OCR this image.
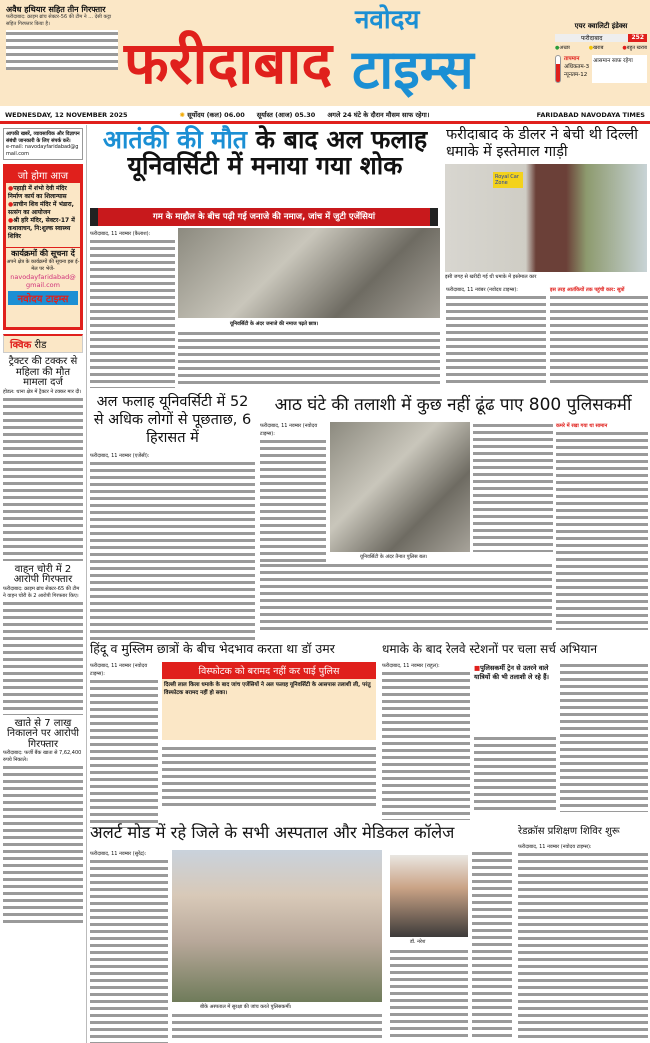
अवैध हथियार सहित तीन गिरफ्तार
फरीदाबाद: क्राइम ब्रांच सेक्टर-56 की टीम ने ... देसी कट्टा सहित गिरफ्तार किया है।	नवोदय
फरीदाबाद टाइम्स
एयर क्वालिटी इंडेक्स
फरीदाबाद	252
●अच्छा	●खराब	●बहुत खराब
तापमान
अधिकतम-3
न्यूनतम-12
आसमान साफ़ रहेगा
WEDNESDAY, 12 NOVEMBER 2025	✺ सूर्योदय (कल) 06.00 सूर्यास्त (आज) 05.30 अगले 24 घंटे के दौरान मौसम साफ रहेगा।	FARIDABAD NAVODAYA TIMES
आपकी खबरें, व्यावसायिक और विज्ञापन संबंधी जानकारी के लिए संपर्क करें।
e-mail: navodayfaridabad@gmail.com
जो होगा आज
●पहाड़ी में शंभो देवी मंदिर निर्माण कार्य का शिलान्यास
●प्राचीन शिव मंदिर में भंडारा, सत्संग का आयोजन
●श्री हरि मंदिर, सेक्टर-17 में कथावाचन, नि:शुल्क स्वास्थ्य शिविर
कार्यक्रमों की सूचना दें
अपने क्षेत्र के कार्यक्रमों की सूचना इस ई-मेल पर भेजें-
navodayfaridabad@
gmail.com
नवोदय टाइम्स
क्विक रीड
ट्रैक्टर की टक्कर से महिला की मौत मामला दर्ज
होडल: थाना क्षेत्र में ट्रैक्टर ने टक्कर मार दी।
वाहन चोरी में 2 आरोपी गिरफ्तार
फरीदाबाद: क्राइम ब्रांच सेक्टर-65 की टीम ने वाहन चोरी के 2 आरोपी गिरफ्तार किए।
खाते से 7 लाख निकालने पर आरोपी गिरफ्तार
फरीदाबाद: फर्जी बैंक खाता से 7,62,400 रुपये निकाले।
आतंकी की मौत के बाद अल फलाह
यूनिवर्सिटी में मनाया गया शोक
गम के माहौल के बीच पढ़ी गई जनाजे की नमाज, जांच में जुटी एजेंसियां
फरीदाबाद, 11 नवम्बर (कैलाश):
यूनिवर्सिटी के अंदर जनाजे की नमाज पढ़ते छात्र।
फरीदाबाद के डीलर ने बेची थी दिल्ली धमाके में इस्तेमाल गाड़ी
Royal Car Zone
इसी जगह से खरीदी गई थी धमाके में इस्तेमाल कार
फरीदाबाद, 11 नवंबर (नवोदय टाइम्स):	इस तरह आतंकियों तक पहुंची कार: सूत्रों
अल फलाह यूनिवर्सिटी में 52 से अधिक लोगों से पूछताछ, 6 हिरासत में
फरीदाबाद, 11 नवम्बर (एजेंसी):
आठ घंटे की तलाशी में कुछ नहीं ढूंढ पाए 800 पुलिसकर्मी
फरीदाबाद, 11 नवम्बर (नवोदय टाइम्स):
यूनिवर्सिटी के अंदर तैनात पुलिस बल।
कमरे में रखा गया था सामान
हिंदू व मुस्लिम छात्रों के बीच भेदभाव करता था डॉ उमर
फरीदाबाद, 11 नवम्बर (नवोदय टाइम्स):	विस्फोटक को बरामद नहीं कर पाई पुलिस
दिल्ली लाल किला धमाके के बाद जांच एजेंसियों ने अल फलाह यूनिवर्सिटी के आसपास तलाशी ली, परंतु विस्फोटक बरामद नहीं हो सका।
धमाके के बाद रेलवे स्टेशनों पर चला सर्च अभियान
फरीदाबाद, 11 नवम्बर (राहुल):	■पुलिसकर्मी ट्रेन से उतरने वाले यात्रियों की भी तलाशी ले रहे हैं।
अलर्ट मोड में रहे जिले के सभी अस्पताल और मेडिकल कॉलेज
फरीदाबाद, 11 नवम्बर (सुरेंद्र):
बीके अस्पताल में सुरक्षा की जांच करते पुलिसकर्मी।
डॉ. नरेश
रेडक्रॉस प्रशिक्षण शिविर शुरू
फरीदाबाद, 11 नवम्बर (नवोदय टाइम्स):
